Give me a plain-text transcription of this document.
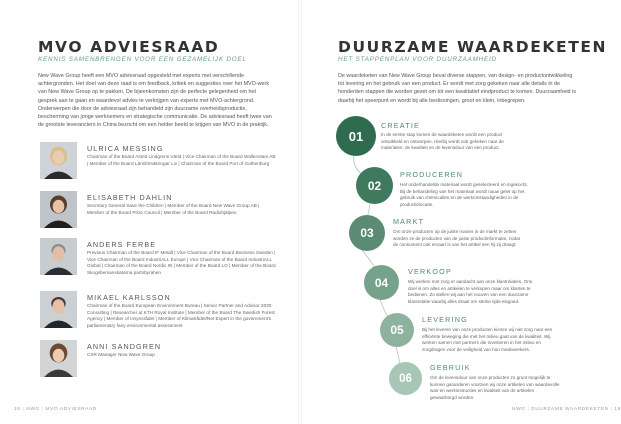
MVO ADVIESRAAD
KENNIS SAMENBRENGEN VOOR EEN GEZAMELIJK DOEL
New Wave Group heeft een MVO adviesraad opgesteld met experts met verschillende achtergronden. Het doel van deze raad is om feedback, kritiek en suggesties over het MVO-werk van New Wave Group op te pakken. De bijeenkomsten zijn de perfecte gelegenheid om het gesprek aan te gaan en waardevol advies te verkrijgen van experts met MVO-achtergrond. Onderwerpen die door de adviesraad zijn behandeld zijn duurzame overheidsproductie, bescherming van jonge werknemers en strategische communicatie. De adviesraad heeft twee van de grootste leveranciers in China bezocht om een helder beeld te krijgen van MVO in de praktijk.
ULRICA MESSING
Chairman of the Board Astrid Lindgrens Värld | Vice Chairman of the Board Wallenstam AB | Member of the Board Länsförsäkringar Liv | Chairman of the Board Port of Gothenburg
ELISABETH DAHLIN
Secretary General Save the Children | Member of the Board New Wave Group AB | Member of the Board Prize Council | Member of the Board Radiohjälpen
ANDERS FERBE
Previous Chairman of the Board IF Metall | Vice Chairman of the Board Business Sweden | Vice Chairman of the Board IndustriALL Europe | Vice Chairman of the Board IndustriALL Global | Chairman of the Board Nordic IN | Member of the Board LO | Member of the Board Skogsbemanskatarna partsbyrahen
MIKAEL KARLSSON
Chairman of the Board European Environment Bureau | Senior Partner and Advisor 2030 Consulting | Researcher at KTH Royal Institute | Member of the Board The Swedish Forest Agency | Member of Insynsrådet | Member of Klimatrådet/Net Expert in the government's parliamentary fairy environmental assessment
ANNI SANDGREN
CSR Manager New Wave Group
18 | NWG | MVO ADVIESRAAD
DUURZAME WAARDEKETEN
HET STAPPENPLAN VOOR DUURZAAMHEID
De waardeketen van New Wave Group beval diverse stappen, van design- en productontwikkeling tot levering en het gebruik van een product. Er wordt met zorg gekeken naar alle details in de honderden stappen die worden gezet om tot een kwalitatief eindproduct te komen. Duurzaamheid is daarbij het speerpunt en wordt bij alle beslissingen, groot en klein, inbegrepen.
01
CREATIE
In de eerste stap komen de waardeketen wordt een product ontwikkeld en ontworpen. Hierbij wordt ook gekeken naar de materialen, de kwaliteit en de levensduur van een product.
02
PRODUCEREN
Het onderhandelde materiaal wordt geselecteerd en ingekocht. Bij de behandeling van het materiaal wordt nauw gelet op het gebruik van chemicaliën en de werkomstandigheden in de productielocatie.
03
MARKT
Om onze producten op de juiste manier in de markt te zetten worden ze de producten van de juiste productinformatie, zodat de consument ook ervaart is van het artikel een hij zij draagt.
04
VERKOOP
Wij werken met zorg er aandacht aan onze klantrelaties. Ons doel is om alles en artikelen te verkopen maar om klanten te bedienen. Zo stellen wij aan het nuuven van een duurzame klantrelatie waarbij alles draait om sterke tijds-eisgoed.
05
LEVERING
Bij het leveren van onze producten kiezen wij niet zorg naar een efficiënte beweging die met het milieu gaat van de kwaliteit. Wij werken samen met partners die investeren in het milieu en zorgdragen voor de veiligheid van hun medewerkers.
06
GEBRUIK
Om de levensduur van onze producten zo groot mogelijk te kunnen garanderen voorzien wij onze artikelen van waardevolle was-en werkinstructies en kwaliteit van de artikelen gewaarborgd worden.
NWG | DUURZAME WAARDEKETEN | 19
